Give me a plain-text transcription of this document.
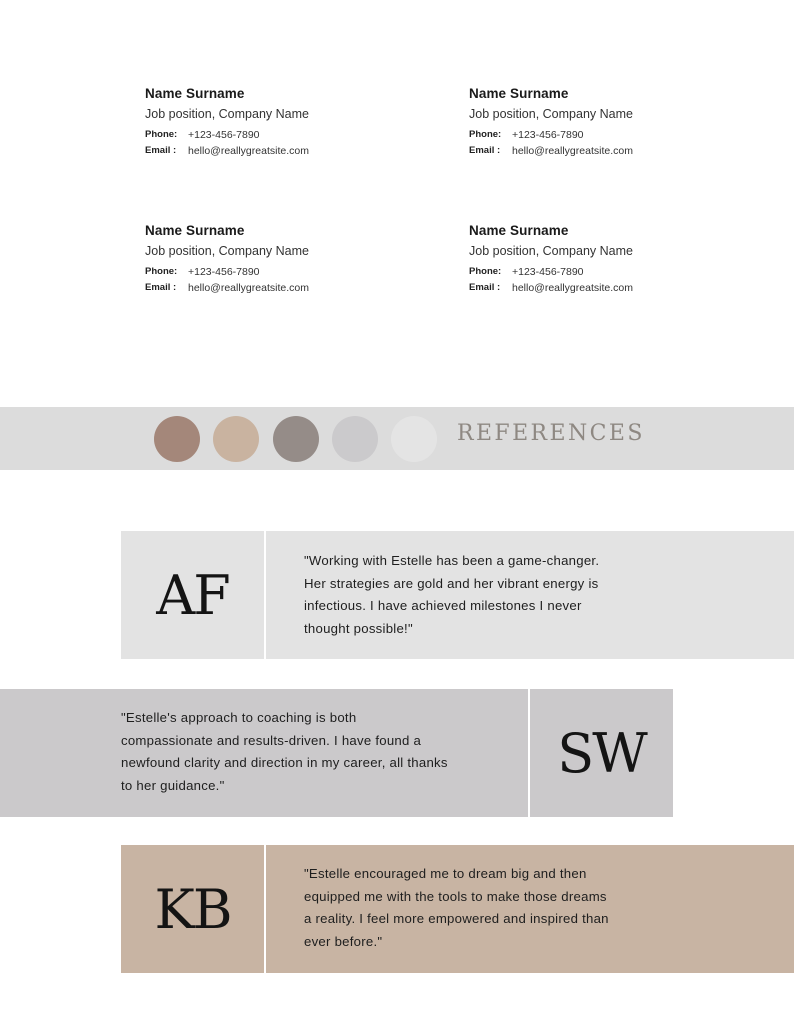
Name Surname
Job position, Company Name
Phone:	+123-456-7890
Email :	hello@reallygreatsite.com
Name Surname
Job position, Company Name
Phone:	+123-456-7890
Email :	hello@reallygreatsite.com
Name Surname
Job position, Company Name
Phone:	+123-456-7890
Email :	hello@reallygreatsite.com
Name Surname
Job position, Company Name
Phone:	+123-456-7890
Email :	hello@reallygreatsite.com
REFERENCES
AF
"Working with Estelle has been a game-changer. Her strategies are gold and her vibrant energy is infectious. I have achieved milestones I never thought possible!"
"Estelle's approach to coaching is both compassionate and results-driven. I have found a newfound clarity and direction in my career, all thanks to her guidance."
SW
KB
"Estelle encouraged me to dream big and then equipped me with the tools to make those dreams a reality. I feel more empowered and inspired than ever before."
